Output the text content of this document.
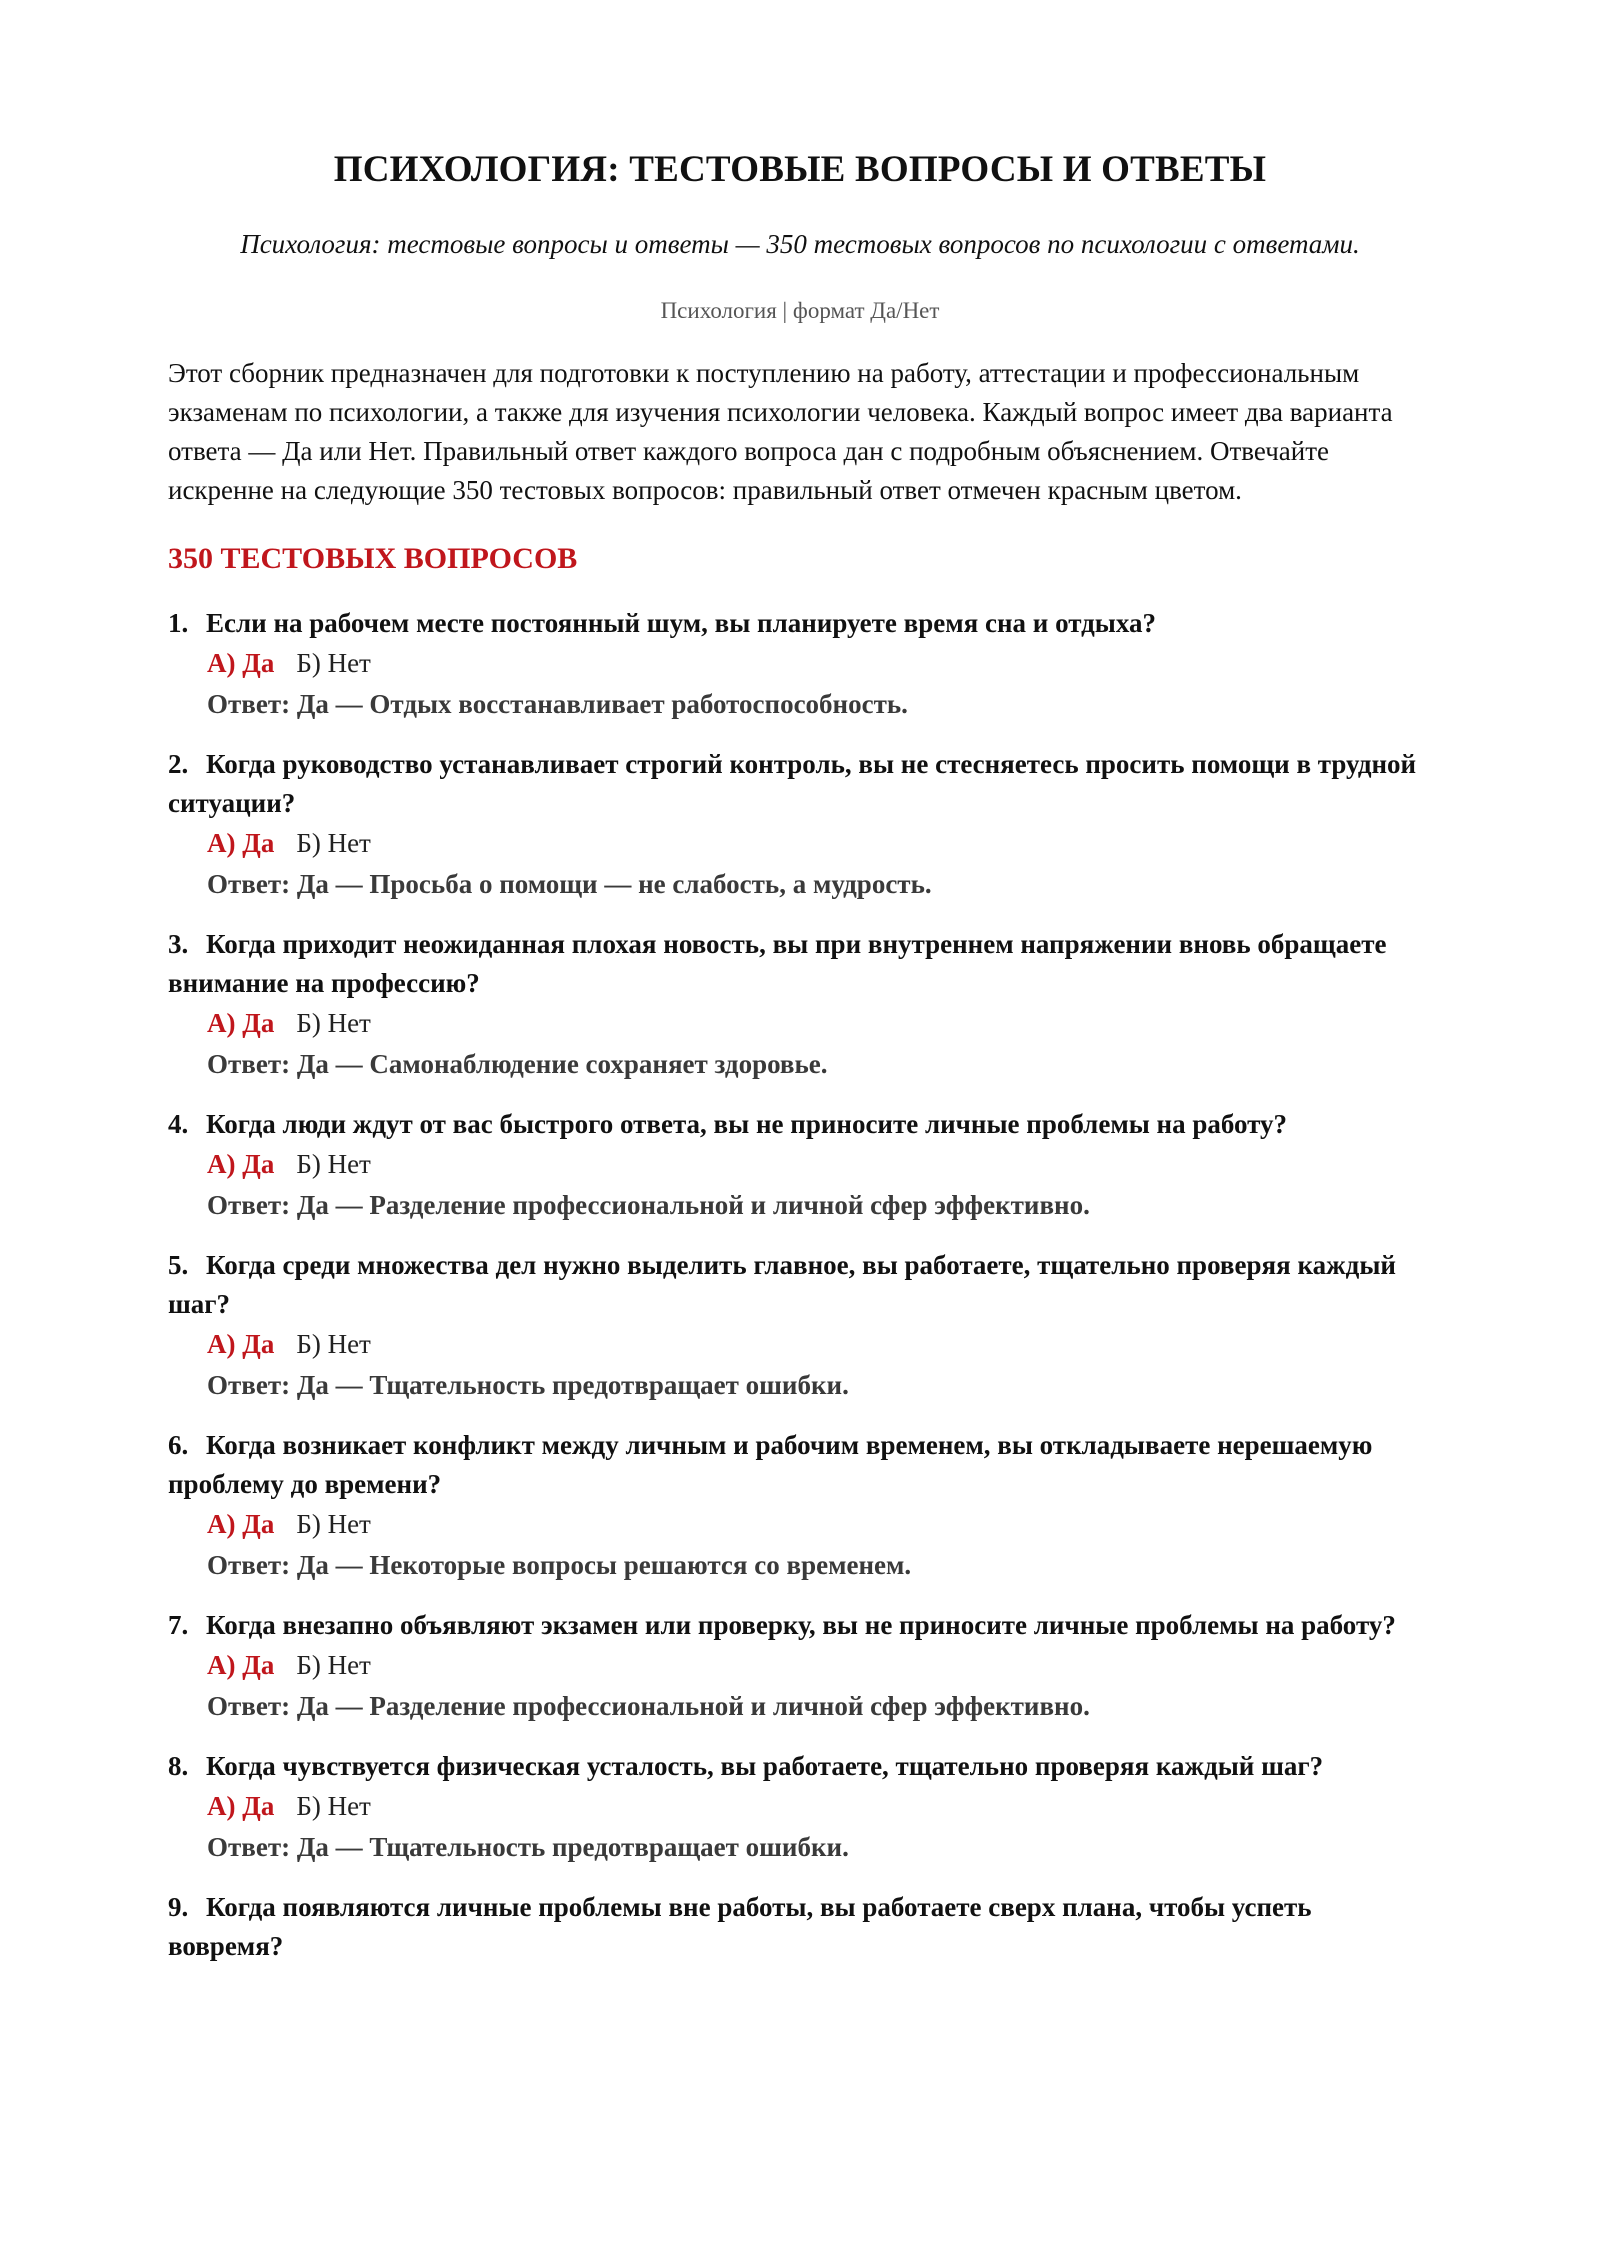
ПСИХОЛОГИЯ: ТЕСТОВЫЕ ВОПРОСЫ И ОТВЕТЫ

Психология: тестовые вопросы и ответы — 350 тестовых вопросов по психологии с ответами.

Психология | формат Да/Нет

Этот сборник предназначен для подготовки к поступлению на работу, аттестации и профессиональным экзаменам по психологии, а также для изучения психологии человека. Каждый вопрос имеет два варианта ответа — Да или Нет. Правильный ответ каждого вопроса дан с подробным объяснением. Отвечайте искренне на следующие 350 тестовых вопросов: правильный ответ отмечен красным цветом.

350 ТЕСТОВЫХ ВОПРОСОВ
1. Если на рабочем месте постоянный шум, вы планируете время сна и отдыха?
А) Да Б) Нет
Ответ: Да — Отдых восстанавливает работоспособность.
2. Когда руководство устанавливает строгий контроль, вы не стесняетесь просить помощи в трудной ситуации?
А) Да Б) Нет
Ответ: Да — Просьба о помощи — не слабость, а мудрость.
3. Когда приходит неожиданная плохая новость, вы при внутреннем напряжении вновь обращаете внимание на профессию?
А) Да Б) Нет
Ответ: Да — Самонаблюдение сохраняет здоровье.
4. Когда люди ждут от вас быстрого ответа, вы не приносите личные проблемы на работу?
А) Да Б) Нет
Ответ: Да — Разделение профессиональной и личной сфер эффективно.
5. Когда среди множества дел нужно выделить главное, вы работаете, тщательно проверяя каждый шаг?
А) Да Б) Нет
Ответ: Да — Тщательность предотвращает ошибки.
6. Когда возникает конфликт между личным и рабочим временем, вы откладываете нерешаемую проблему до времени?
А) Да Б) Нет
Ответ: Да — Некоторые вопросы решаются со временем.
7. Когда внезапно объявляют экзамен или проверку, вы не приносите личные проблемы на работу?
А) Да Б) Нет
Ответ: Да — Разделение профессиональной и личной сфер эффективно.
8. Когда чувствуется физическая усталость, вы работаете, тщательно проверяя каждый шаг?
А) Да Б) Нет
Ответ: Да — Тщательность предотвращает ошибки.
9. Когда появляются личные проблемы вне работы, вы работаете сверх плана, чтобы успеть вовремя?
